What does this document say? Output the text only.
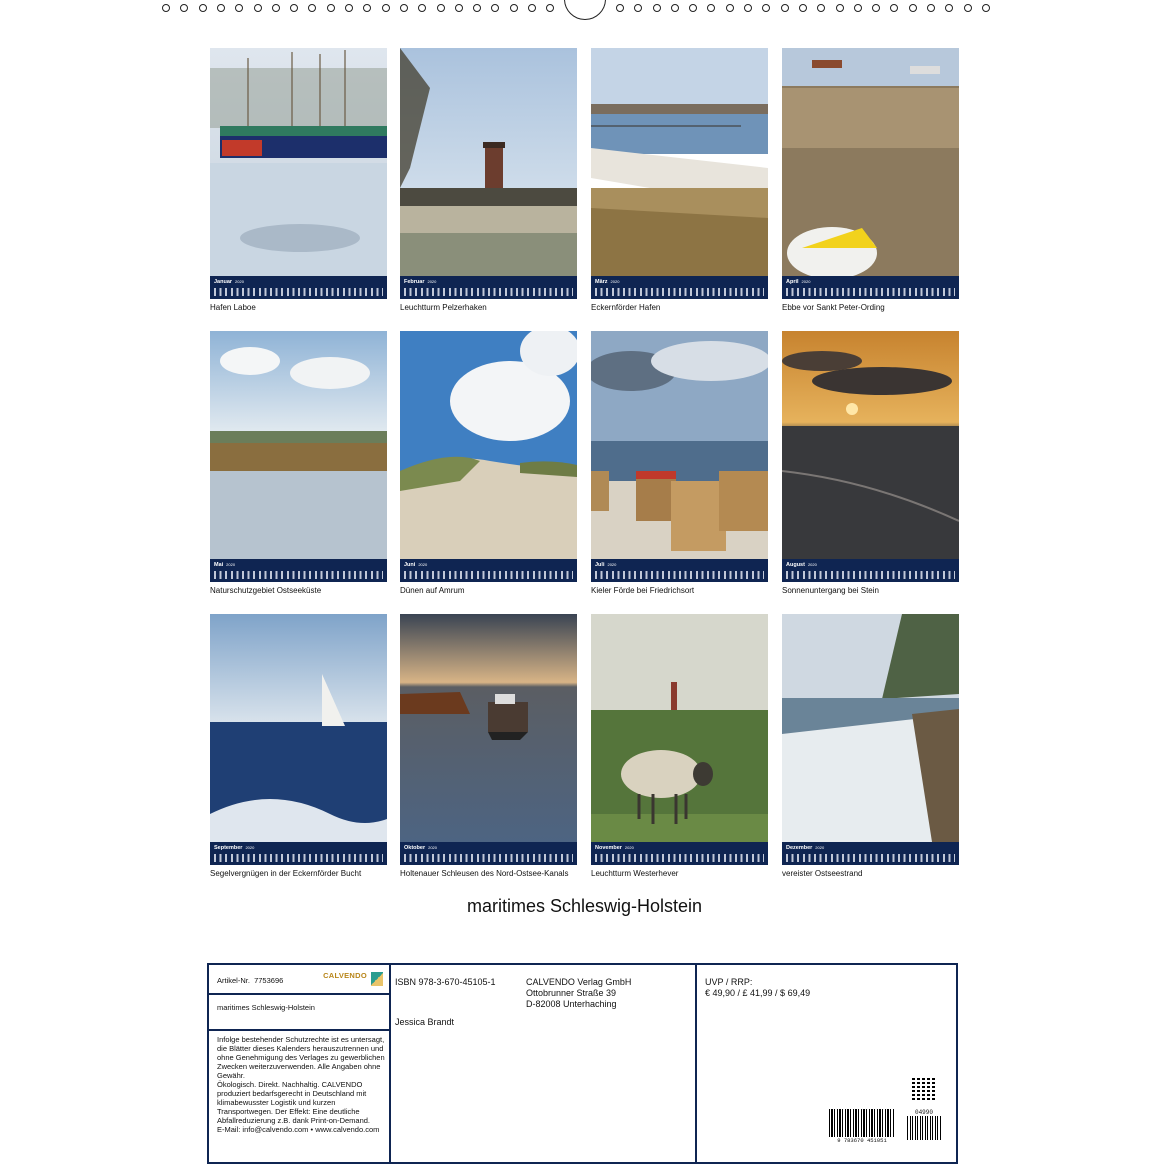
Januar 2020
Hafen Laboe
Februar 2020
Leuchtturm Pelzerhaken
März 2020
Eckernförder Hafen
April 2020
Ebbe vor Sankt Peter-Ording
Mai 2020
Naturschutzgebiet Ostseeküste
Juni 2020
Dünen auf Amrum
Juli 2020
Kieler Förde bei Friedrichsort
August 2020
Sonnenuntergang bei Stein
September 2020
Segelvergnügen in der Eckernförder Bucht
Oktober 2020
Holtenauer Schleusen des Nord-Ostsee-Kanals
November 2020
Leuchtturm Westerhever
Dezember 2020
vereister Ostseestrand
maritimes Schleswig-Holstein
Artikel-Nr. 7753696
CALVENDO
maritimes Schleswig-Holstein
Infolge bestehender Schutzrechte ist es untersagt, die Blätter dieses Kalenders herauszutrennen und ohne Genehmigung des Verlages zu gewerblichen Zwecken weiterzuverwenden. Alle Angaben ohne Gewähr.
Ökologisch. Direkt. Nachhaltig. CALVENDO produziert bedarfsgerecht in Deutschland mit klimabewusster Logistik und kurzen Transportwegen. Der Effekt: Eine deutliche Abfallreduzierung z.B. dank Print-on-Demand.
E-Mail: info@calvendo.com • www.calvendo.com
ISBN 978-3-670-45105-1
Jessica Brandt
CALVENDO Verlag GmbH
Ottobrunner Straße 39
D-82008 Unterhaching
UVP / RRP:
€ 49,90 / £ 41,99 / $ 69,49
9 783670 451051
04990
